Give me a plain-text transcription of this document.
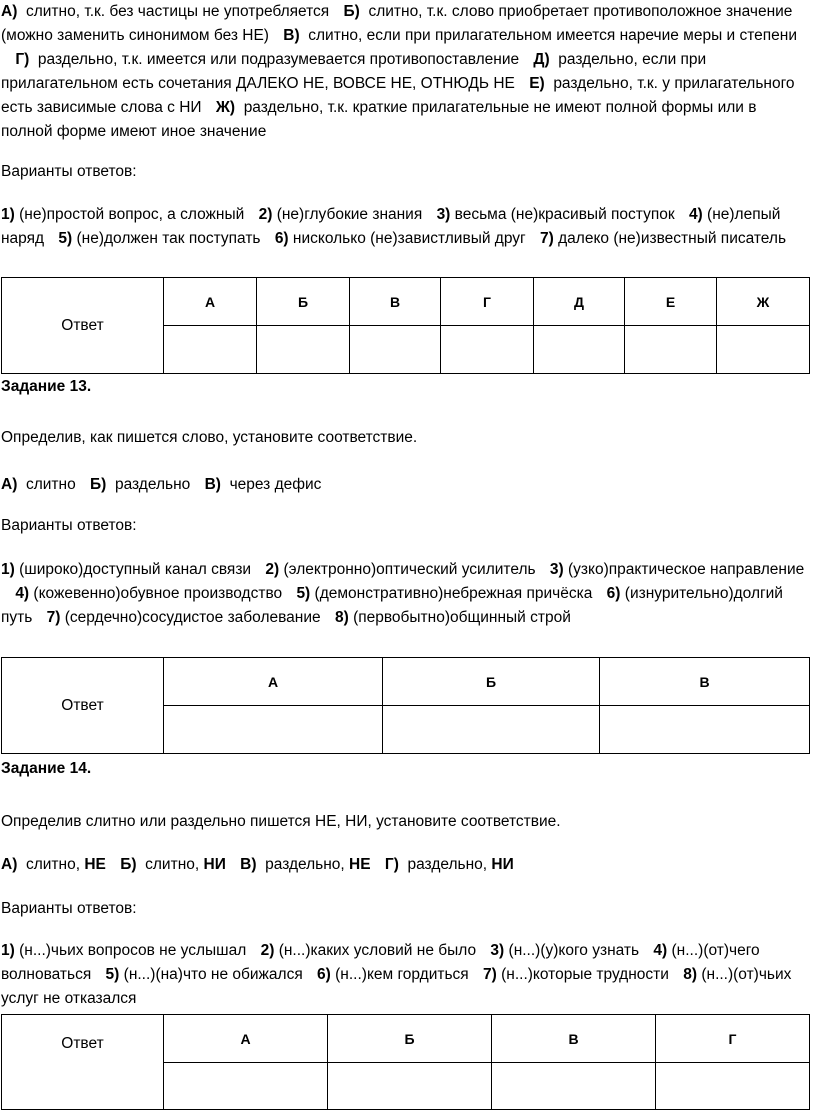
А) слитно, т.к. без частицы не употребляется Б) слитно, т.к. слово приобретает противоположное значение (можно заменить синонимом без НЕ) В) слитно, если при прилагательном имеется наречие меры и степени Г) раздельно, т.к. имеется или подразумевается противопоставление Д) раздельно, если при прилагательном есть сочетания ДАЛЕКО НЕ, ВОВСЕ НЕ, ОТНЮДЬ НЕ Е) раздельно, т.к. у прилагательного есть зависимые слова с НИ Ж) раздельно, т.к. краткие прилагательные не имеют полной формы или в полной форме имеют иное значение

Варианты ответов:

1) (не)простой вопрос, а сложный 2) (не)глубокие знания 3) весьма (не)красивый поступок 4) (не)лепый наряд 5) (не)должен так поступать 6) нисколько (не)завистливый друг 7) далеко (не)известный писатель

Ответ	А	Б	В	Г	Д	Е	Ж

Задание 13.

Определив, как пишется слово, установите соответствие.

А) слитно Б) раздельно В) через дефис

Варианты ответов:

1) (широко)доступный канал связи 2) (электронно)оптический усилитель 3) (узко)практическое направление 4) (кожевенно)обувное производство 5) (демонстративно)небрежная причёска 6) (изнурительно)долгий путь 7) (сердечно)сосудистое заболевание 8) (первобытно)общинный строй

Ответ	А	Б	В

Задание 14.

Определив слитно или раздельно пишется НЕ, НИ, установите соответствие.

А) слитно, НЕ Б) слитно, НИ В) раздельно, НЕ Г) раздельно, НИ

Варианты ответов:

1) (н...)чьих вопросов не услышал 2) (н...)каких условий не было 3) (н...)(у)кого узнать 4) (н...)(от)чего волноваться 5) (н...)(на)что не обижался 6) (н...)кем гордиться 7) (н...)которые трудности 8) (н...)(от)чьих услуг не отказался

Ответ	А	Б	В	Г
